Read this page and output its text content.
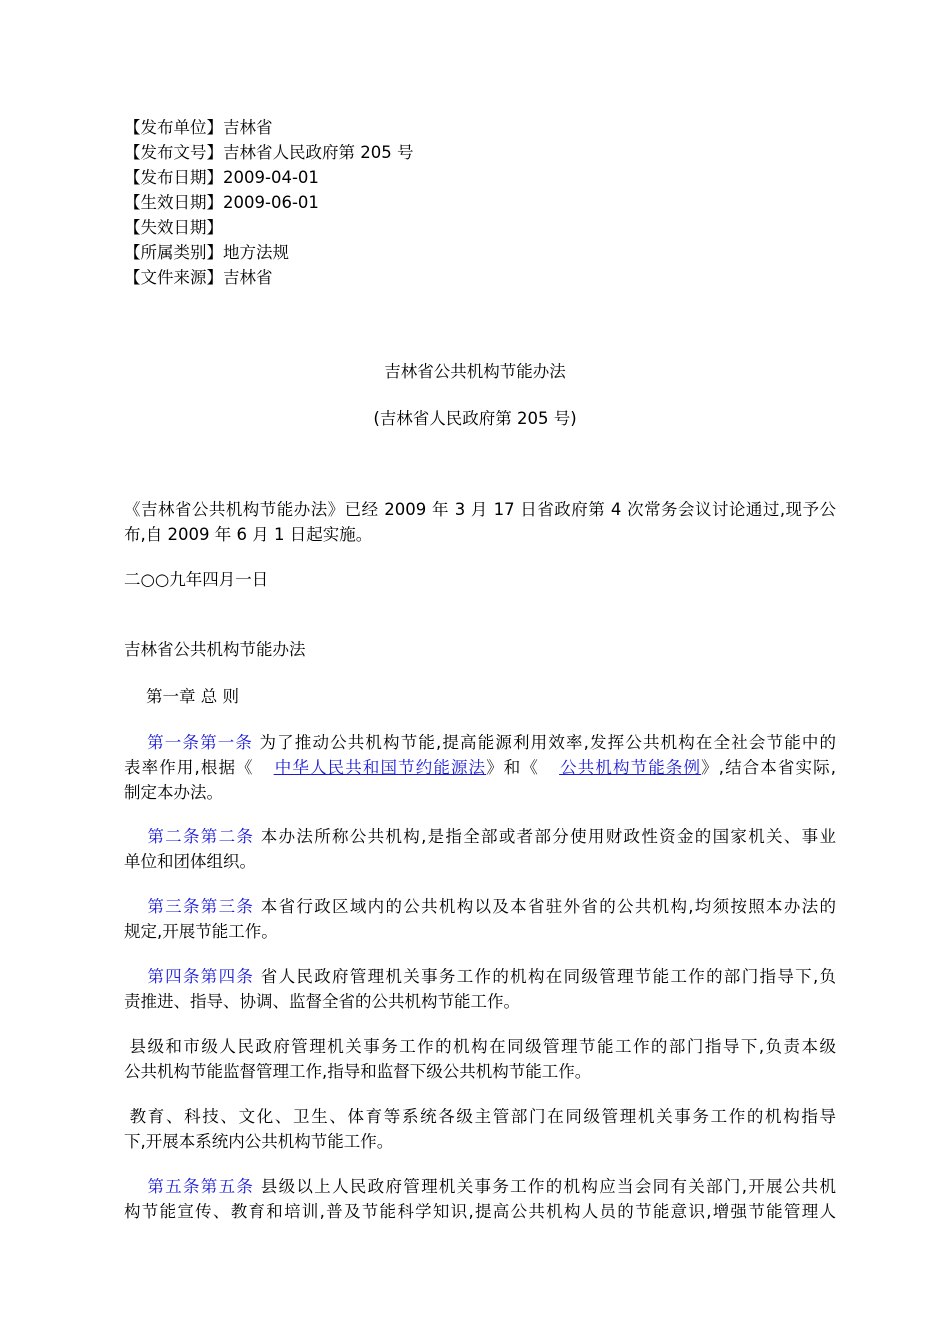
【发布单位】吉林省
【发布文号】吉林省人民政府第 205 号
【发布日期】2009-04-01
【生效日期】2009-06-01
【失效日期】
【所属类别】地方法规
【文件来源】吉林省
吉林省公共机构节能办法
(吉林省人民政府第 205 号)
《吉林省公共机构节能办法》已经 2009 年 3 月 17 日省政府第 4 次常务会议讨论通过,现予公
布,自 2009 年 6 月 1 日起实施。
二○○九年四月一日
吉林省公共机构节能办法
第一章 总 则
第一条第一条 为了推动公共机构节能,提高能源利用效率,发挥公共机构在全社会节能中的
表率作用,根据《 中华人民共和国节约能源法》和《 公共机构节能条例》,结合本省实际,
制定本办法。
第二条第二条 本办法所称公共机构,是指全部或者部分使用财政性资金的国家机关、事业
单位和团体组织。
第三条第三条 本省行政区域内的公共机构以及本省驻外省的公共机构,均须按照本办法的
规定,开展节能工作。
第四条第四条 省人民政府管理机关事务工作的机构在同级管理节能工作的部门指导下,负
责推进、指导、协调、监督全省的公共机构节能工作。
县级和市级人民政府管理机关事务工作的机构在同级管理节能工作的部门指导下,负责本级
公共机构节能监督管理工作,指导和监督下级公共机构节能工作。
教育、科技、文化、卫生、体育等系统各级主管部门在同级管理机关事务工作的机构指导
下,开展本系统内公共机构节能工作。
第五条第五条 县级以上人民政府管理机关事务工作的机构应当会同有关部门,开展公共机
构节能宣传、教育和培训,普及节能科学知识,提高公共机构人员的节能意识,增强节能管理人
